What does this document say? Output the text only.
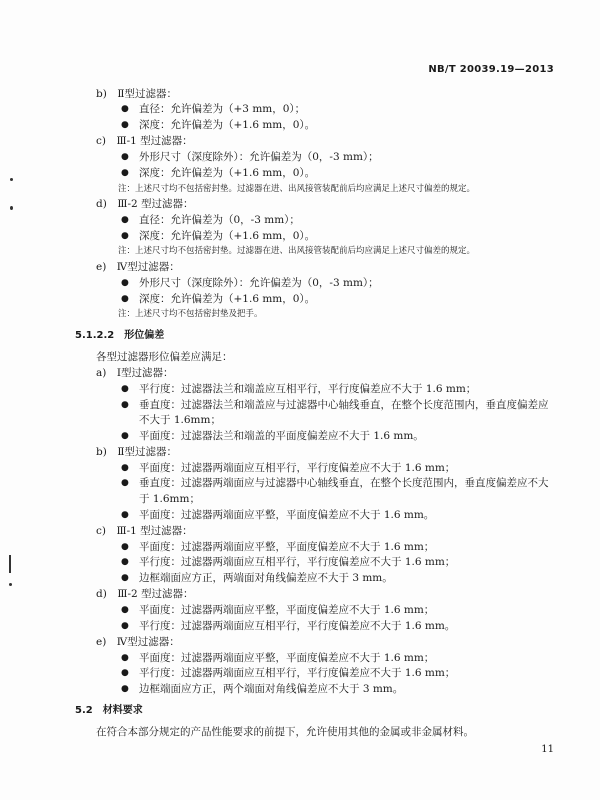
NB/T 20039.19—2013
b)　Ⅱ型过滤器：
直径：允许偏差为（+3 mm，0）；
●
深度：允许偏差为（+1.6 mm，0）。
●
c)　Ⅲ-1 型过滤器：
外形尺寸（深度除外）：允许偏差为（0，-3 mm）；
●
深度：允许偏差为（+1.6 mm，0）。
●
注：上述尺寸均不包括密封垫。过滤器在进、出风接管装配前后均应满足上述尺寸偏差的规定。
d)　Ⅲ-2 型过滤器：
直径：允许偏差为（0，-3 mm）；
●
深度：允许偏差为（+1.6 mm，0）。
●
注：上述尺寸均不包括密封垫。过滤器在进、出风接管装配前后均应满足上述尺寸偏差的规定。
e)　Ⅳ型过滤器：
外形尺寸（深度除外）：允许偏差为（0，-3 mm）；
●
深度：允许偏差为（+1.6 mm，0）。
●
注：上述尺寸均不包括密封垫及把手。
5.1.2.2　形位偏差
各型过滤器形位偏差应满足：
a)　Ⅰ型过滤器：
平行度：过滤器法兰和端盖应互相平行，平行度偏差应不大于 1.6 mm；
●
垂直度：过滤器法兰和端盖应与过滤器中心轴线垂直，在整个长度范围内，垂直度偏差应
●
不大于 1.6mm；
平面度：过滤器法兰和端盖的平面度偏差应不大于 1.6 mm。
●
b)　Ⅱ型过滤器：
平面度：过滤器两端面应互相平行，平行度偏差应不大于 1.6 mm；
●
垂直度：过滤器两端面应与过滤器中心轴线垂直，在整个长度范围内，垂直度偏差应不大
●
于 1.6mm；
平面度：过滤器两端面应平整，平面度偏差应不大于 1.6 mm。
●
c)　Ⅲ-1 型过滤器：
平面度：过滤器两端面应平整，平面度偏差应不大于 1.6 mm；
●
平行度：过滤器两端面应互相平行，平行度偏差应不大于 1.6 mm；
●
边框端面应方正，两端面对角线偏差应不大于 3 mm。
●
d)　Ⅲ-2 型过滤器：
平面度：过滤器两端面应平整，平面度偏差应不大于 1.6 mm；
●
平行度：过滤器两端面应互相平行，平行度偏差应不大于 1.6 mm。
●
e)　Ⅳ型过滤器：
平面度：过滤器两端面应平整，平面度偏差应不大于 1.6 mm；
●
平行度：过滤器两端面应互相平行，平行度偏差应不大于 1.6 mm；
●
边框端面应方正，两个端面对角线偏差应不大于 3 mm。
●
5.2　材料要求
在符合本部分规定的产品性能要求的前提下，允许使用其他的金属或非金属材料。
11
